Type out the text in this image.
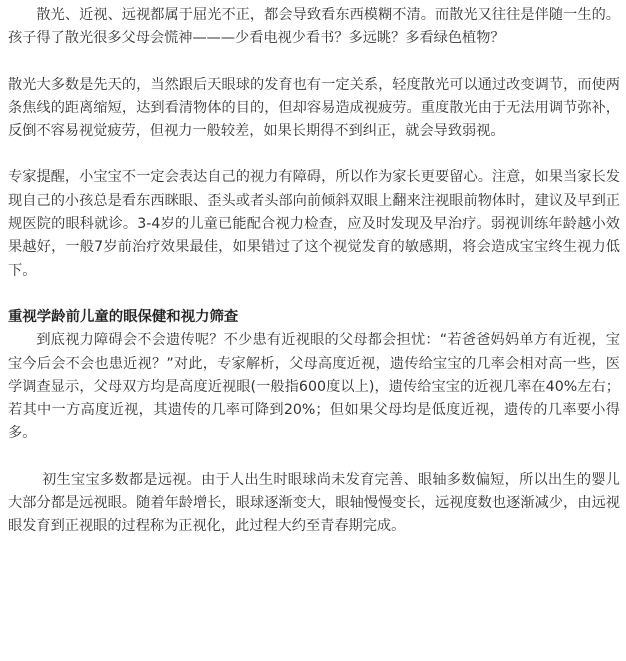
散光、近视、远视都属于屈光不正，都会导致看东西模糊不清。而散光又往往是伴随一生的。孩子得了散光很多父母会慌神———少看电视少看书？多远眺？多看绿色植物？

散光大多数是先天的，当然跟后天眼球的发育也有一定关系，轻度散光可以通过改变调节，而使两条焦线的距离缩短，达到看清物体的目的，但却容易造成视疲劳。重度散光由于无法用调节弥补，反倒不容易视觉疲劳，但视力一般较差，如果长期得不到纠正，就会导致弱视。

专家提醒，小宝宝不一定会表达自己的视力有障碍，所以作为家长更要留心。注意，如果当家长发现自己的小孩总是看东西眯眼、歪头或者头部向前倾斜双眼上翻来注视眼前物体时，建议及早到正规医院的眼科就诊。3-4岁的儿童已能配合视力检查，应及时发现及早治疗。弱视训练年龄越小效果越好，一般7岁前治疗效果最佳，如果错过了这个视觉发育的敏感期，将会造成宝宝终生视力低下。

重视学龄前儿童的眼保健和视力筛查

到底视力障碍会不会遗传呢？不少患有近视眼的父母都会担忧：“若爸爸妈妈单方有近视，宝宝今后会不会也患近视？”对此，专家解析，父母高度近视，遗传给宝宝的几率会相对高一些，医学调查显示，父母双方均是高度近视眼(一般指600度以上)，遗传给宝宝的近视几率在40%左右；若其中一方高度近视，其遗传的几率可降到20%；但如果父母均是低度近视，遗传的几率要小得多。

初生宝宝多数都是远视。由于人出生时眼球尚未发育完善、眼轴多数偏短，所以出生的婴儿大部分都是远视眼。随着年龄增长，眼球逐渐变大，眼轴慢慢变长，远视度数也逐渐减少，由远视眼发育到正视眼的过程称为正视化，此过程大约至青春期完成。
